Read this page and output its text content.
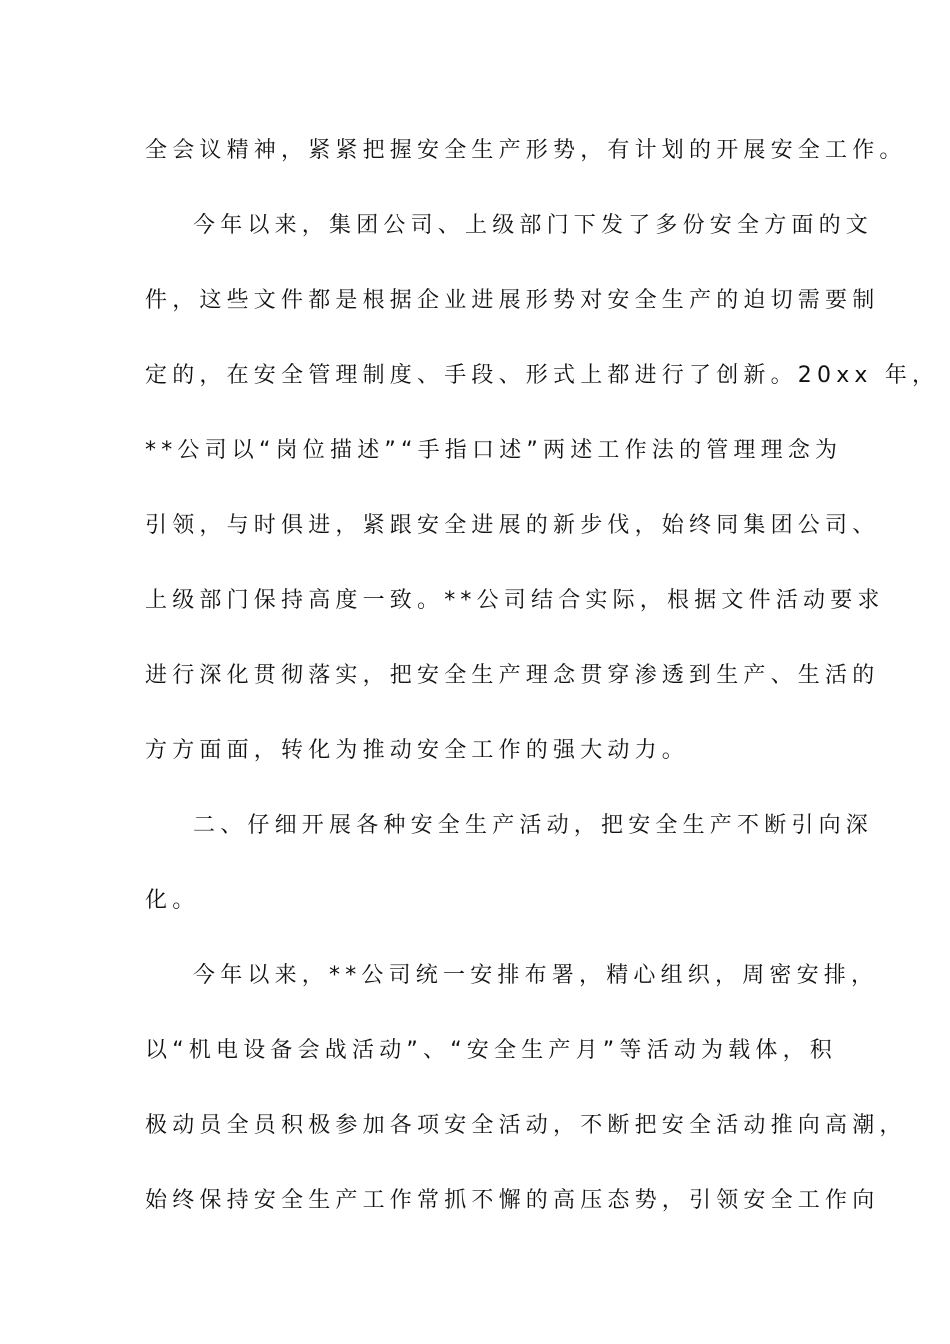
全会议精神，紧紧把握安全生产形势，有计划的开展安全工作。
今年以来，集团公司、上级部门下发了多份安全方面的文
件，这些文件都是根据企业进展形势对安全生产的迫切需要制
定的，在安全管理制度、手段、形式上都进行了创新。20xx 年，
**公司以“岗位描述”“手指口述”两述工作法的管理理念为
引领，与时俱进，紧跟安全进展的新步伐，始终同集团公司、
上级部门保持高度一致。**公司结合实际，根据文件活动要求
进行深化贯彻落实，把安全生产理念贯穿渗透到生产、生活的
方方面面，转化为推动安全工作的强大动力。
二、仔细开展各种安全生产活动，把安全生产不断引向深
化。
今年以来，**公司统一安排布署，精心组织，周密安排，
以“机电设备会战活动”、“安全生产月”等活动为载体，积
极动员全员积极参加各项安全活动，不断把安全活动推向高潮，
始终保持安全生产工作常抓不懈的高压态势，引领安全工作向
